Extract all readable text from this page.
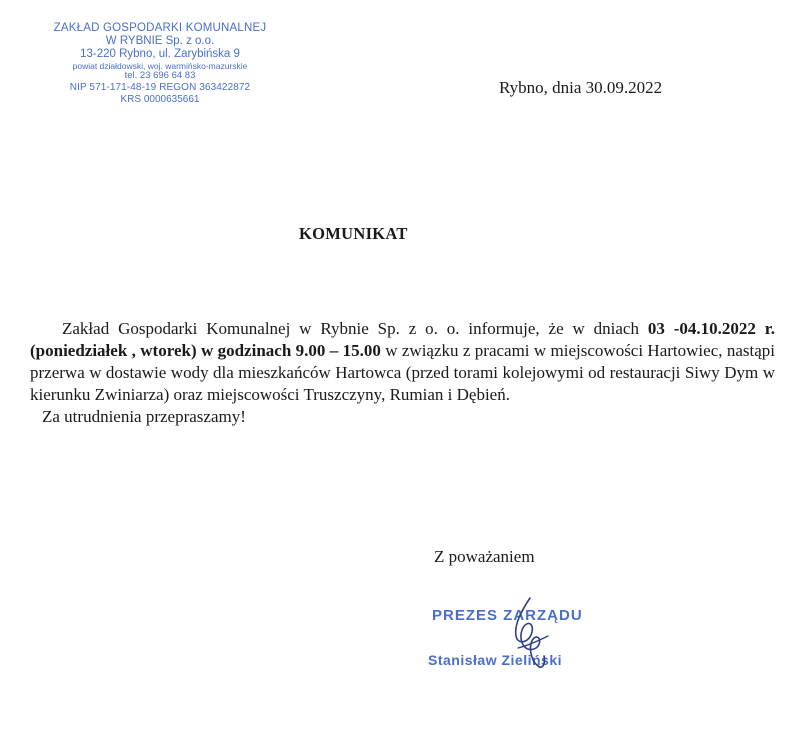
ZAKŁAD GOSPODARKI KOMUNALNEJ
W RYBNIE Sp. z o.o.
13-220 Rybno, ul. Zarybińska 9
powiat działdowski, woj. warmińsko-mazurskie
tel. 23 696 64 83
NIP 571-171-48-19 REGON 363422872
KRS 0000635661
Rybno, dnia 30.09.2022
KOMUNIKAT

Zakład Gospodarki Komunalnej w Rybnie Sp. z o. o. informuje, że w dniach 03 -04.10.2022 r. (poniedziałek , wtorek) w godzinach 9.00 – 15.00 w związku z pracami w miejscowości Hartowiec, nastąpi przerwa w dostawie wody dla mieszkańców Hartowca (przed torami kolejowymi od restauracji Siwy Dym w kierunku Zwiniarza) oraz miejscowości Truszczyny, Rumian i Dębień.

Za utrudnienia przepraszamy!

Z poważaniem
PREZES ZARZĄDU
Stanisław Zieliński
